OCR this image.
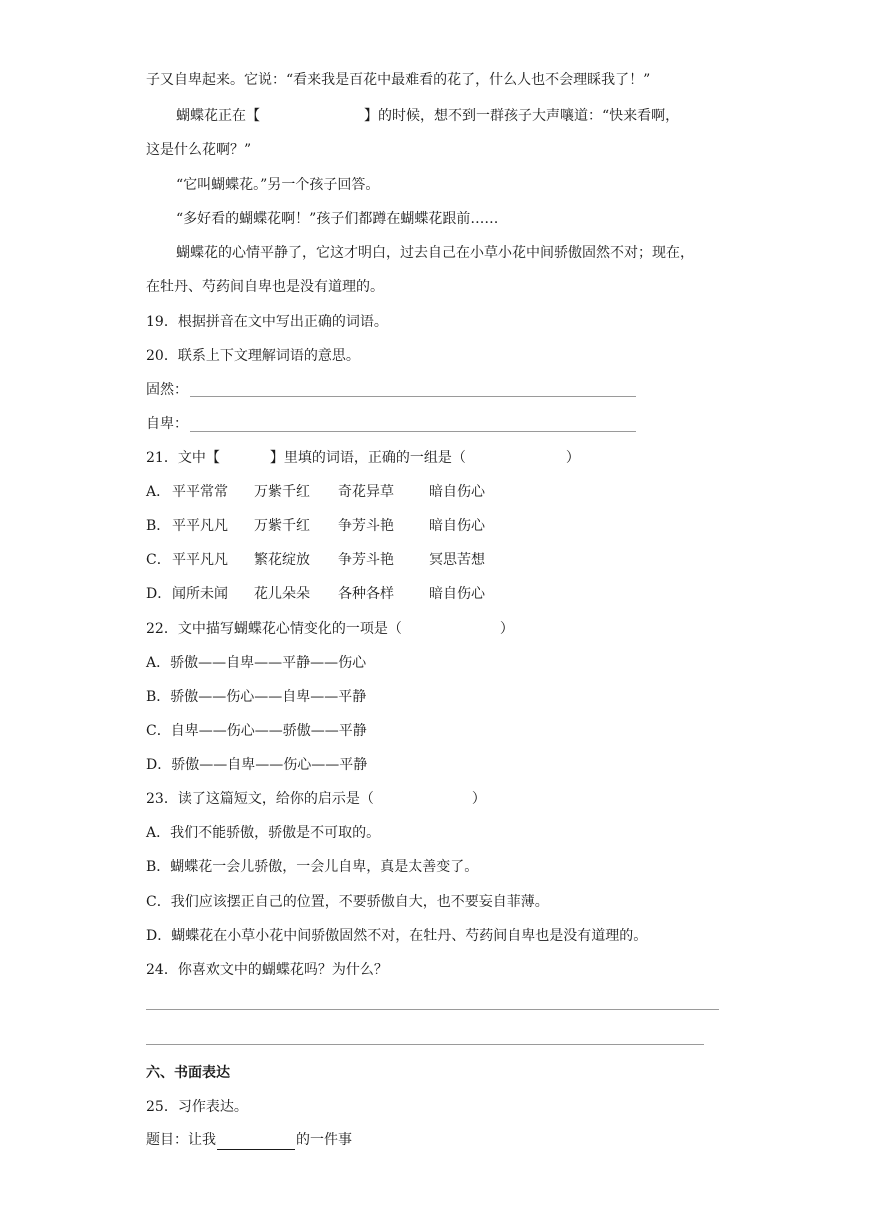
子又自卑起来。它说：“看来我是百花中最难看的花了，什么人也不会理睬我了！”
蝴蝶花正在【	】的时候，想不到一群孩子大声嚷道：“快来看啊，
这是什么花啊？”
“它叫蝴蝶花。”另一个孩子回答。
“多好看的蝴蝶花啊！”孩子们都蹲在蝴蝶花跟前……
蝴蝶花的心情平静了，它这才明白，过去自己在小草小花中间骄傲固然不对；现在，
在牡丹、芍药间自卑也是没有道理的。
19．根据拼音在文中写出正确的词语。
20．联系上下文理解词语的意思。
固然：
自卑：
21．文中【	】里填的词语，正确的一组是（	）
A． 平平常常 万紫千红 奇花异草	暗自伤心
B． 平平凡凡 万紫千红 争芳斗艳	暗自伤心
C． 平平凡凡 繁花绽放 争芳斗艳	冥思苦想
D． 闻所未闻 花儿朵朵 各种各样	暗自伤心
22．文中描写蝴蝶花心情变化的一项是（	）
A．骄傲——自卑——平静——伤心
B．骄傲——伤心——自卑——平静
C．自卑——伤心——骄傲——平静
D．骄傲——自卑——伤心——平静
23．读了这篇短文，给你的启示是（	）
A．我们不能骄傲，骄傲是不可取的。
B．蝴蝶花一会儿骄傲，一会儿自卑，真是太善变了。
C．我们应该摆正自己的位置，不要骄傲自大，也不要妄自菲薄。
D．蝴蝶花在小草小花中间骄傲固然不对，在牡丹、芍药间自卑也是没有道理的。
24．你喜欢文中的蝴蝶花吗？为什么？
六、书面表达
25．习作表达。
题目：让我	的一件事
